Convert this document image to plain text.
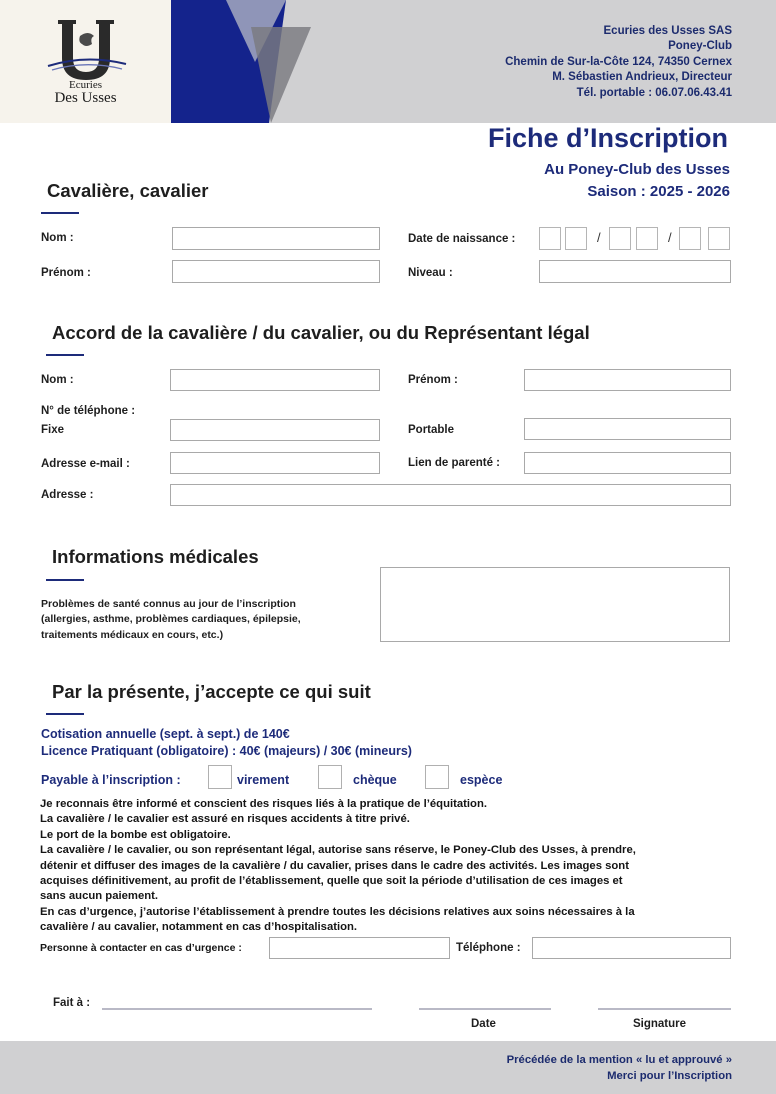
Ecuries
Des Usses
Ecuries des Usses SAS
Poney-Club
Chemin de Sur-la-Côte 124, 74350 Cernex
M. Sébastien Andrieux, Directeur
Tél. portable : 06.07.06.43.41
Fiche d’Inscription
Au Poney-Club des Usses
Saison : 2025 - 2026
Cavalière, cavalier
Nom :	Date de naissance :	/	/
Prénom :	Niveau :
Accord de la cavalière / du cavalier, ou du Représentant légal
Nom :	Prénom :
N° de téléphone :
Fixe	Portable
Adresse e-mail :	Lien de parenté :
Adresse :
Informations médicales
Problèmes de santé connus au jour de l’inscription
(allergies, asthme, problèmes cardiaques, épilepsie,
traitements médicaux en cours, etc.)
Par la présente, j’accepte ce qui suit
Cotisation annuelle (sept. à sept.) de 140€
Licence Pratiquant (obligatoire) : 40€ (majeurs) / 30€ (mineurs)
Payable à l’inscription :	virement	chèque	espèce
Je reconnais être informé et conscient des risques liés à la pratique de l’équitation.
La cavalière / le cavalier est assuré en risques accidents à titre privé.
Le port de la bombe est obligatoire.
La cavalière / le cavalier, ou son représentant légal, autorise sans réserve, le Poney-Club des Usses, à prendre,
détenir et diffuser des images de la cavalière / du cavalier, prises dans le cadre des activités. Les images sont
acquises définitivement, au profit de l’établissement, quelle que soit la période d’utilisation de ces images et
sans aucun paiement.
En cas d’urgence, j’autorise l’établissement à prendre toutes les décisions relatives aux soins nécessaires à la
cavalière / au cavalier, notamment en cas d’hospitalisation.
Personne à contacter en cas d’urgence :	Téléphone :
Fait à :
Date	Signature
Précédée de la mention « lu et approuvé »
Merci pour l’Inscription
